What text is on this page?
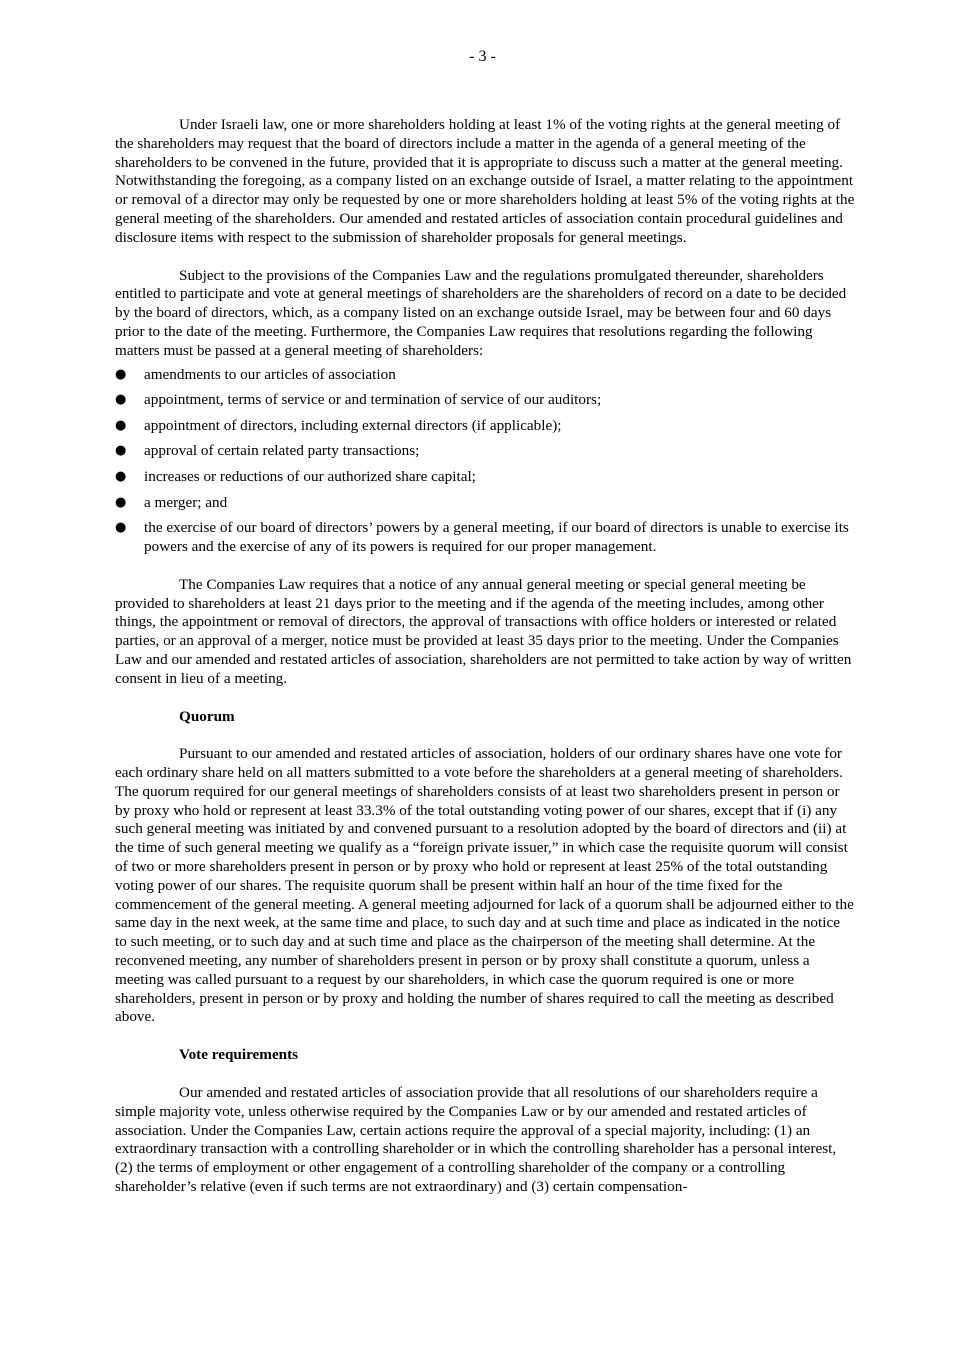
- 3 -

Under Israeli law, one or more shareholders holding at least 1% of the voting rights at the general meeting of the shareholders may request that the board of directors include a matter in the agenda of a general meeting of the shareholders to be convened in the future, provided that it is appropriate to discuss such a matter at the general meeting. Notwithstanding the foregoing, as a company listed on an exchange outside of Israel, a matter relating to the appointment or removal of a director may only be requested by one or more shareholders holding at least 5% of the voting rights at the general meeting of the shareholders. Our amended and restated articles of association contain procedural guidelines and disclosure items with respect to the submission of shareholder proposals for general meetings.

Subject to the provisions of the Companies Law and the regulations promulgated thereunder, shareholders entitled to participate and vote at general meetings of shareholders are the shareholders of record on a date to be decided by the board of directors, which, as a company listed on an exchange outside Israel, may be between four and 60 days prior to the date of the meeting. Furthermore, the Companies Law requires that resolutions regarding the following matters must be passed at a general meeting of shareholders:

● amendments to our articles of association
● appointment, terms of service or and termination of service of our auditors;
● appointment of directors, including external directors (if applicable);
● approval of certain related party transactions;
● increases or reductions of our authorized share capital;
● a merger; and
● the exercise of our board of directors’ powers by a general meeting, if our board of directors is unable to exercise its powers and the exercise of any of its powers is required for our proper management.

The Companies Law requires that a notice of any annual general meeting or special general meeting be provided to shareholders at least 21 days prior to the meeting and if the agenda of the meeting includes, among other things, the appointment or removal of directors, the approval of transactions with office holders or interested or related parties, or an approval of a merger, notice must be provided at least 35 days prior to the meeting. Under the Companies Law and our amended and restated articles of association, shareholders are not permitted to take action by way of written consent in lieu of a meeting.

Quorum

Pursuant to our amended and restated articles of association, holders of our ordinary shares have one vote for each ordinary share held on all matters submitted to a vote before the shareholders at a general meeting of shareholders. The quorum required for our general meetings of shareholders consists of at least two shareholders present in person or by proxy who hold or represent at least 33.3% of the total outstanding voting power of our shares, except that if (i) any such general meeting was initiated by and convened pursuant to a resolution adopted by the board of directors and (ii) at the time of such general meeting we qualify as a “foreign private issuer,” in which case the requisite quorum will consist of two or more shareholders present in person or by proxy who hold or represent at least 25% of the total outstanding voting power of our shares. The requisite quorum shall be present within half an hour of the time fixed for the commencement of the general meeting. A general meeting adjourned for lack of a quorum shall be adjourned either to the same day in the next week, at the same time and place, to such day and at such time and place as indicated in the notice to such meeting, or to such day and at such time and place as the chairperson of the meeting shall determine. At the reconvened meeting, any number of shareholders present in person or by proxy shall constitute a quorum, unless a meeting was called pursuant to a request by our shareholders, in which case the quorum required is one or more shareholders, present in person or by proxy and holding the number of shares required to call the meeting as described above.

Vote requirements

Our amended and restated articles of association provide that all resolutions of our shareholders require a simple majority vote, unless otherwise required by the Companies Law or by our amended and restated articles of association. Under the Companies Law, certain actions require the approval of a special majority, including: (1) an extraordinary transaction with a controlling shareholder or in which the controlling shareholder has a personal interest, (2) the terms of employment or other engagement of a controlling shareholder of the company or a controlling shareholder’s relative (even if such terms are not extraordinary) and (3) certain compensation-
